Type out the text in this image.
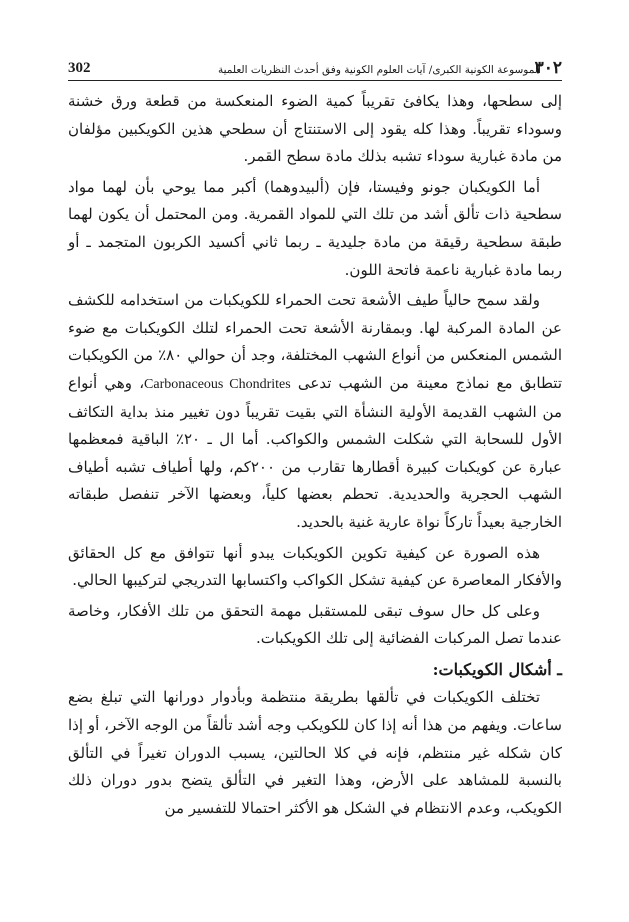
302	الموسوعة الكونية الكبرى/ آيات العلوم الكونية وفق أحدث النظريات العلمية
٣٠٢

إلى سطحها، وهذا يكافئ تقريباً كمية الضوء المنعكسة من قطعة ورق خشنة وسوداء تقريباً. وهذا كله يقود إلى الاستنتاج أن سطحي هذين الكويكبين مؤلفان من مادة غبارية سوداء تشبه بذلك مادة سطح القمر.

أما الكويكبان جونو وفيستا، فإن (ألبيدوهما) أكبر مما يوحي بأن لهما مواد سطحية ذات تألق أشد من تلك التي للمواد القمرية. ومن المحتمل أن يكون لهما طبقة سطحية رقيقة من مادة جليدية ـ ربما ثاني أكسيد الكربون المتجمد ـ أو ربما مادة غبارية ناعمة فاتحة اللون.

ولقد سمح حالياً طيف الأشعة تحت الحمراء للكويكبات من استخدامه للكشف عن المادة المركبة لها. وبمقارنة الأشعة تحت الحمراء لتلك الكويكبات مع ضوء الشمس المنعكس من أنواع الشهب المختلفة، وجد أن حوالي ٨٠٪ من الكويكبات تتطابق مع نماذج معينة من الشهب تدعى Carbonaceous Chondrites، وهي أنواع من الشهب القديمة الأولية النشأة التي بقيت تقريباً دون تغيير منذ بداية التكاثف الأول للسحابة التي شكلت الشمس والكواكب. أما ال ـ ٢٠٪ الباقية فمعظمها عبارة عن كويكبات كبيرة أقطارها تقارب من ٢٠٠كم، ولها أطياف تشبه أطياف الشهب الحجرية والحديدية. تحطم بعضها كلياً، وبعضها الآخر تنفصل طبقاته الخارجية بعيداً تاركاً نواة عارية غنية بالحديد.

هذه الصورة عن كيفية تكوين الكويكبات يبدو أنها تتوافق مع كل الحقائق والأفكار المعاصرة عن كيفية تشكل الكواكب واكتسابها التدريجي لتركيبها الحالي.

وعلى كل حال سوف تبقى للمستقبل مهمة التحقق من تلك الأفكار، وخاصة عندما تصل المركبات الفضائية إلى تلك الكويكبات.

ـ أشكال الكويكبات:

تختلف الكويكبات في تألقها بطريقة منتظمة وبأدوار دورانها التي تبلغ بضع ساعات. ويفهم من هذا أنه إذا كان للكويكب وجه أشد تألقاً من الوجه الآخر، أو إذا كان شكله غير منتظم، فإنه في كلا الحالتين، يسبب الدوران تغيراً في التألق بالنسبة للمشاهد على الأرض، وهذا التغير في التألق يتضح بدور دوران ذلك الكويكب، وعدم الانتظام في الشكل هو الأكثر احتمالا للتفسير من
